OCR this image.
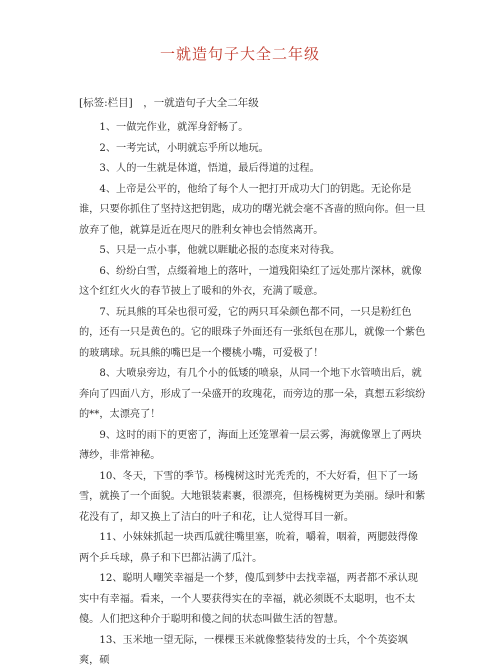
一就造句子大全二年级
[标签:栏目]　，一就造句子大全二年级

1、一做完作业，就浑身舒畅了。

2、一考完试，小明就忘乎所以地玩。

3、人的一生就是体道，悟道，最后得道的过程。

4、上帝是公平的，他给了每个人一把打开成功大门的钥匙。无论你是谁，只要你抓住了坚持这把钥匙，成功的曙光就会毫不吝啬的照向你。但一旦放弃了他，就算是近在咫尺的胜利女神也会悄然离开。

5、只是一点小事，他就以睚眦必报的态度来对待我。

6、纷纷白雪，点缀着地上的落叶，一道残阳染红了远处那片深林，就像这个红红火火的春节披上了暖和的外衣，充满了暖意。

7、玩具熊的耳朵也很可爱，它的两只耳朵颜色都不同，一只是粉红色的，还有一只是黄色的。它的眼珠子外面还有一张纸包在那儿，就像一个紫色的玻璃球。玩具熊的嘴巴是一个樱桃小嘴，可爱极了！

8、大喷泉旁边，有几个小的低矮的喷泉，从同一个地下水管喷出后，就奔向了四面八方，形成了一朵盛开的玫瑰花，而旁边的那一朵，真想五彩缤纷的**，太漂亮了！

9、这时的雨下的更密了，海面上还笼罩着一层云雾，海就像罩上了两块薄纱，非常神秘。

10、冬天，下雪的季节。杨槐树这时光秃秃的，不大好看，但下了一场雪，就换了一个面貌。大地银装素裹，很漂亮，但杨槐树更为美丽。绿叶和紫花没有了，却又换上了洁白的叶子和花，让人觉得耳目一新。

11、小妹妹抓起一块西瓜就往嘴里塞，吮着，嚼着，咽着，两腮鼓得像两个乒乓球，鼻子和下巴都沾满了瓜汁。

12、聪明人嘲笑幸福是一个梦，傻瓜到梦中去找幸福，两者都不承认现实中有幸福。看来，一个人要获得实在的幸福，就必须既不太聪明，也不太傻。人们把这种介于聪明和傻之间的状态叫做生活的智慧。

13、玉米地一望无际，一棵棵玉米就像整装待发的士兵，个个英姿飒爽，硕
